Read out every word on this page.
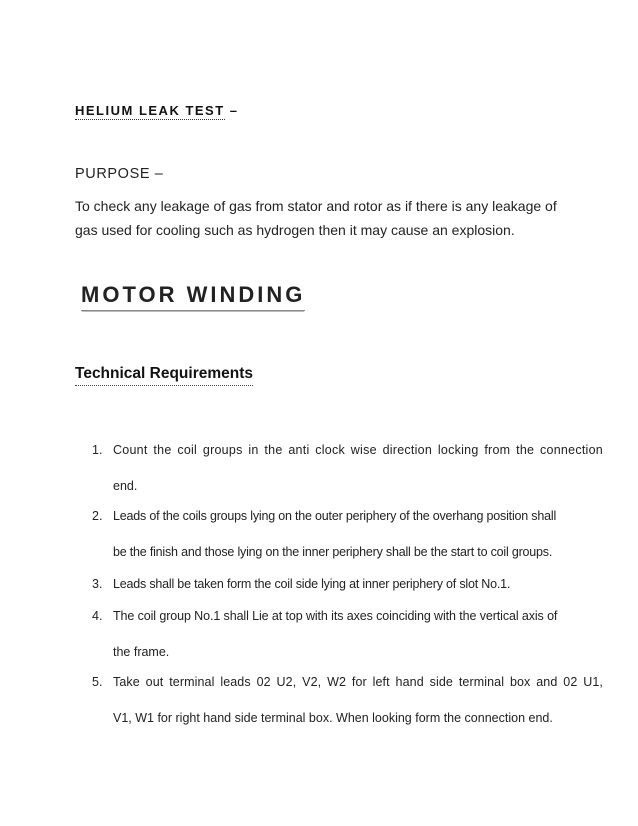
HELIUM LEAK TEST –
PURPOSE –
To check any leakage of gas from stator and rotor as if there is any leakage of
gas used for cooling such as hydrogen then it may cause an explosion.
MOTOR WINDING
Technical Requirements
1. Count the coil groups in the anti clock wise direction locking from the connection
end.
2. Leads of the coils groups lying on the outer periphery of the overhang position shall
be the finish and those lying on the inner periphery shall be the start to coil groups.
3. Leads shall be taken form the coil side lying at inner periphery of slot No.1.
4. The coil group No.1 shall Lie at top with its axes coinciding with the vertical axis of
the frame.
5. Take out terminal leads 02 U2, V2, W2 for left hand side terminal box and 02 U1,
V1, W1 for right hand side terminal box. When looking form the connection end.
